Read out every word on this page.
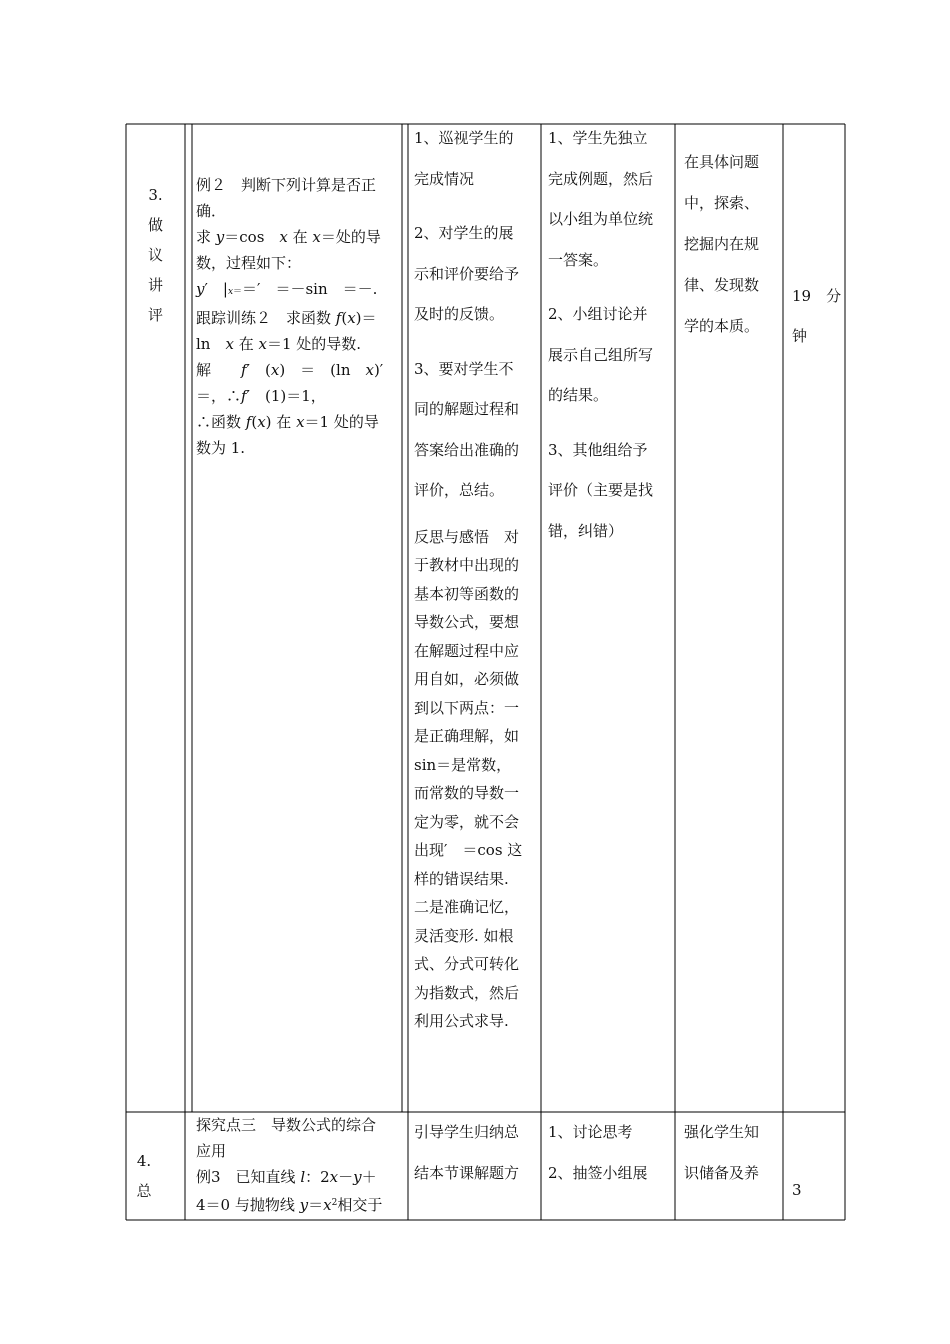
3.
做
议
讲
评

例２　判断下列计算是否正

确．

求 y＝cos　x 在 x＝处的导

数，过程如下：

y′　|x＝＝′　＝－sin　＝－.

跟踪训练２　求函数 f(x)＝

ln　x 在 x＝1 处的导数.

解　　f′　(x)　＝　(ln　x)′

＝，∴f′　(1)＝1，

∴函数 f(x) 在 x＝1 处的导

数为 1.

1、巡视学生的

完成情况

2、对学生的展

示和评价要给予

及时的反馈。

3、要对学生不

同的解题过程和

答案给出准确的

评价，总结。

反思与感悟　对

于教材中出现的

基本初等函数的

导数公式，要想

在解题过程中应

用自如，必须做

到以下两点：一

是正确理解，如

sin＝是常数，

而常数的导数一

定为零，就不会

出现′　＝cos 这

样的错误结果.

二是准确记忆，

灵活变形. 如根

式、分式可转化

为指数式，然后

利用公式求导.

1、学生先独立

完成例题，然后

以小组为单位统

一答案。

2、小组讨论并

展示自己组所写

的结果。

3、其他组给予

评价（主要是找

错，纠错）

在具体问题

中，探索、

挖掘内在规

律、发现数

学的本质。

19　分
钟
4.
总

探究点三　导数公式的综合

应用

例3　已知直线 l：2x－y＋

4＝0 与抛物线 $y=x^2$相交于

引导学生归纳总

结本节课解题方

1、讨论思考

2、抽签小组展

强化学生知

识储备及养

3
